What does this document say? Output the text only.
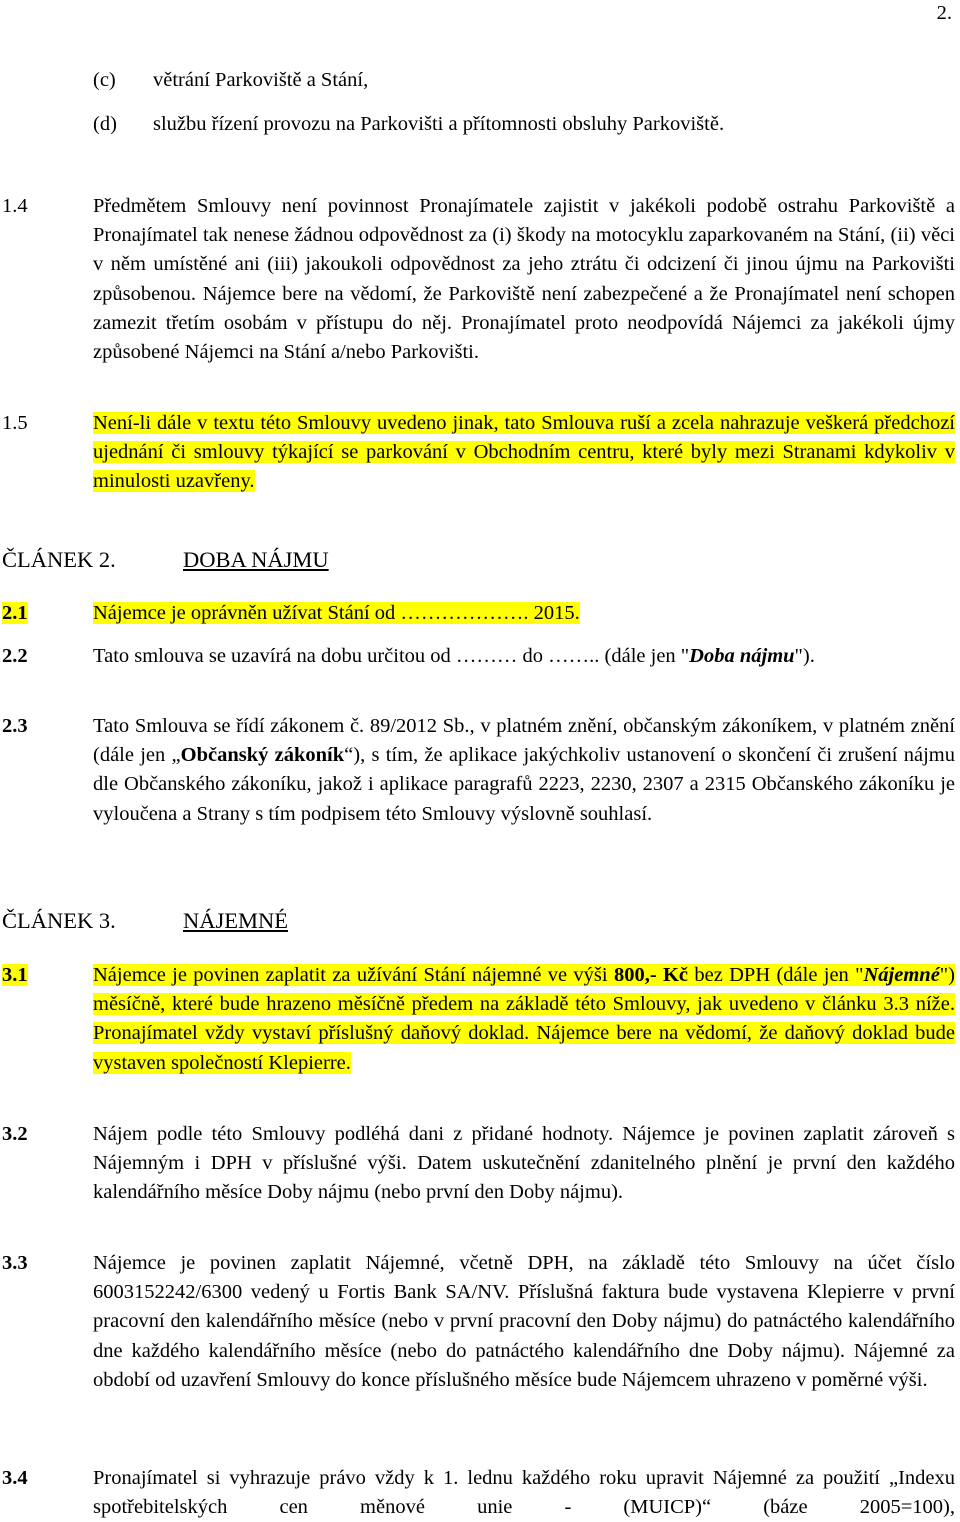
2.
(c) větrání Parkoviště a Stání,
(d) službu řízení provozu na Parkovišti a přítomnosti obsluhy Parkoviště.
1.4	Předmětem Smlouvy není povinnost Pronajímatele zajistit v jakékoli podobě ostrahu Parkoviště a Pronajímatel tak nenese žádnou odpovědnost za (i) škody na motocyklu zaparkovaném na Stání, (ii) věci v něm umístěné ani (iii) jakoukoli odpovědnost za jeho ztrátu či odcizení či jinou újmu na Parkovišti způsobenou. Nájemce bere na vědomí, že Parkoviště není zabezpečené a že Pronajímatel není schopen zamezit třetím osobám v přístupu do něj. Pronajímatel proto neodpovídá Nájemci za jakékoli újmy způsobené Nájemci na Stání a/nebo Parkovišti.
1.5	Není-li dále v textu této Smlouvy uvedeno jinak, tato Smlouva ruší a zcela nahrazuje veškerá předchozí ujednání či smlouvy týkající se parkování v Obchodním centru, které byly mezi Stranami kdykoliv v minulosti uzavřeny.
ČLÁNEK 2.	DOBA NÁJMU
2.1	Nájemce je oprávněn užívat Stání od ………………. 2015.
2.2	Tato smlouva se uzavírá na dobu určitou od ……… do …….. (dále jen "Doba nájmu").
2.3	Tato Smlouva se řídí zákonem č. 89/2012 Sb., v platném znění, občanským zákoníkem, v platném znění (dále jen „Občanský zákoník“), s tím, že aplikace jakýchkoliv ustanovení o skončení či zrušení nájmu dle Občanského zákoníku, jakož i aplikace paragrafů 2223, 2230, 2307 a 2315 Občanského zákoníku je vyloučena a Strany s tím podpisem této Smlouvy výslovně souhlasí.
ČLÁNEK 3.	NÁJEMNÉ
3.1	Nájemce je povinen zaplatit za užívání Stání nájemné ve výši 800,- Kč bez DPH (dále jen "Nájemné") měsíčně, které bude hrazeno měsíčně předem na základě této Smlouvy, jak uvedeno v článku 3.3 níže. Pronajímatel vždy vystaví příslušný daňový doklad. Nájemce bere na vědomí, že daňový doklad bude vystaven společností Klepierre.
3.2	Nájem podle této Smlouvy podléhá dani z přidané hodnoty. Nájemce je povinen zaplatit zároveň s Nájemným i DPH v příslušné výši. Datem uskutečnění zdanitelného plnění je první den každého kalendářního měsíce Doby nájmu (nebo první den Doby nájmu).
3.3	Nájemce je povinen zaplatit Nájemné, včetně DPH, na základě této Smlouvy na účet číslo 6003152242/6300 vedený u Fortis Bank SA/NV. Příslušná faktura bude vystavena Klepierre v první pracovní den kalendářního měsíce (nebo v první pracovní den Doby nájmu) do patnáctého kalendářního dne každého kalendářního měsíce (nebo do patnáctého kalendářního dne Doby nájmu). Nájemné za období od uzavření Smlouvy do konce příslušného měsíce bude Nájemcem uhrazeno v poměrné výši.
3.4	Pronajímatel si vyhrazuje právo vždy k 1. lednu každého roku upravit Nájemné za použití „Indexu spotřebitelských cen měnové unie - (MUICP)“ (báze 2005=100),
